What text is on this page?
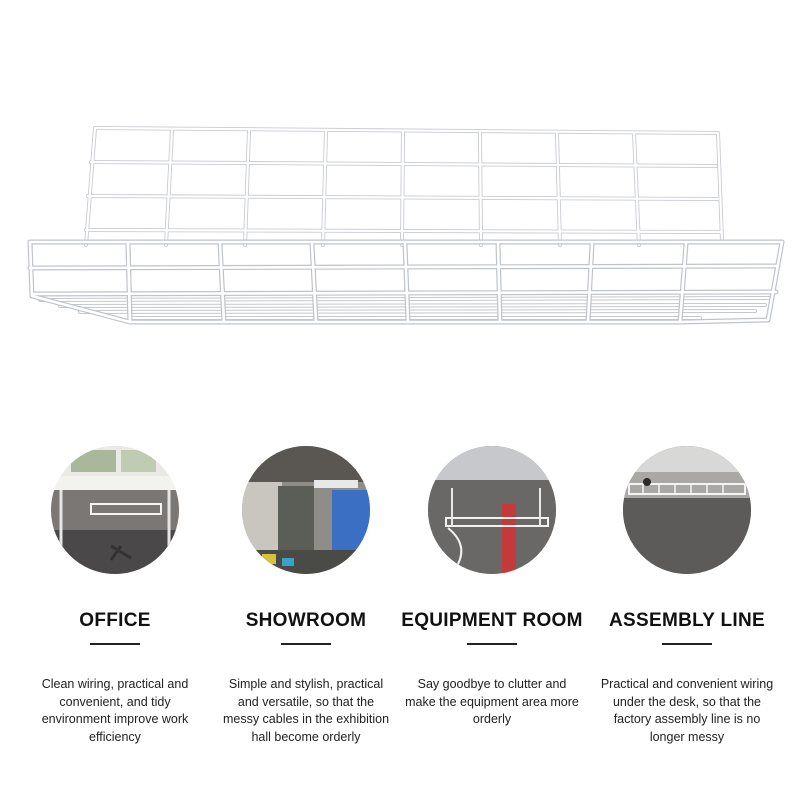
OFFICE
Clean wiring, practical and convenient, and tidy environment improve work efficiency
SHOWROOM
Simple and stylish, practical and versatile, so that the messy cables in the exhibition hall become orderly
EQUIPMENT ROOM
Say goodbye to clutter and make the equipment area more orderly
ASSEMBLY LINE
Practical and convenient wiring under the desk, so that the factory assembly line is no longer messy
